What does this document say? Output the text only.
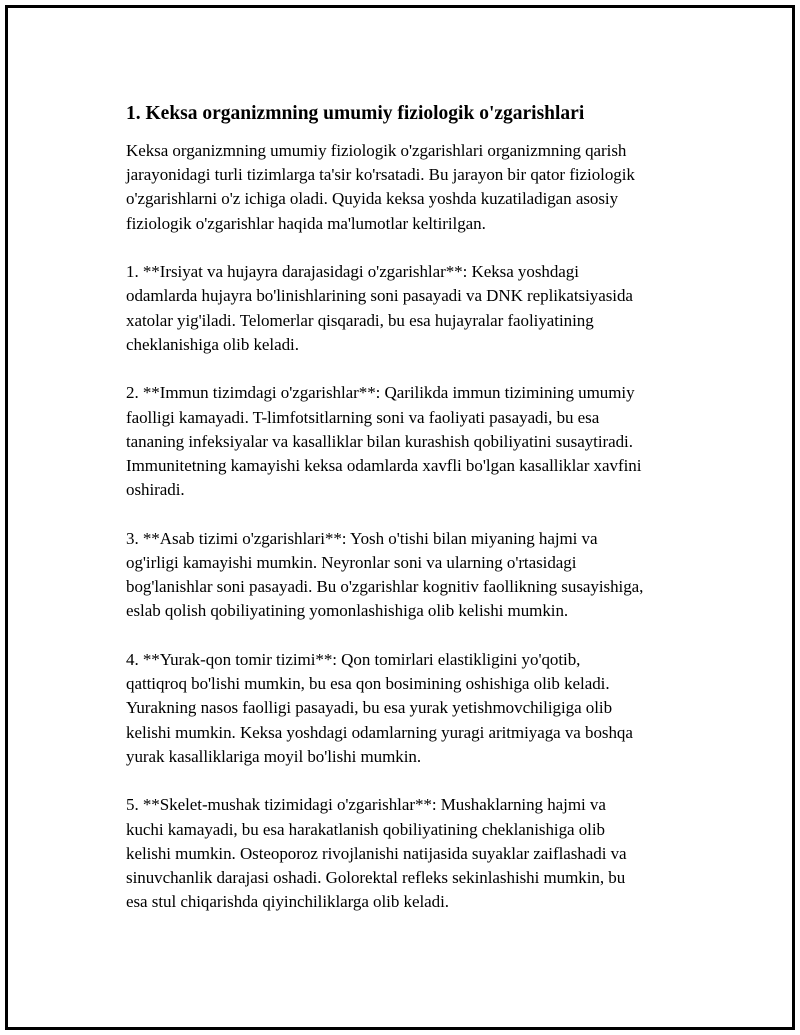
1. Keksa organizmning umumiy fiziologik o'zgarishlari
Keksa organizmning umumiy fiziologik o'zgarishlari organizmning qarish
jarayonidagi turli tizimlarga ta'sir ko'rsatadi. Bu jarayon bir qator fiziologik
o'zgarishlarni o'z ichiga oladi. Quyida keksa yoshda kuzatiladigan asosiy
fiziologik o'zgarishlar haqida ma'lumotlar keltirilgan.
1. **Irsiyat va hujayra darajasidagi o'zgarishlar**: Keksa yoshdagi
odamlarda hujayra bo'linishlarining soni pasayadi va DNK replikatsiyasida
xatolar yig'iladi. Telomerlar qisqaradi, bu esa hujayralar faoliyatining
cheklanishiga olib keladi.
2. **Immun tizimdagi o'zgarishlar**: Qarilikda immun tizimining umumiy
faolligi kamayadi. T-limfotsitlarning soni va faoliyati pasayadi, bu esa
tananing infeksiyalar va kasalliklar bilan kurashish qobiliyatini susaytiradi.
Immunitetning kamayishi keksa odamlarda xavfli bo'lgan kasalliklar xavfini
oshiradi.
3. **Asab tizimi o'zgarishlari**: Yosh o'tishi bilan miyaning hajmi va
og'irligi kamayishi mumkin. Neyronlar soni va ularning o'rtasidagi
bog'lanishlar soni pasayadi. Bu o'zgarishlar kognitiv faollikning susayishiga,
eslab qolish qobiliyatining yomonlashishiga olib kelishi mumkin.
4. **Yurak-qon tomir tizimi**: Qon tomirlari elastikligini yo'qotib,
qattiqroq bo'lishi mumkin, bu esa qon bosimining oshishiga olib keladi.
Yurakning nasos faolligi pasayadi, bu esa yurak yetishmovchiligiga olib
kelishi mumkin. Keksa yoshdagi odamlarning yuragi aritmiyaga va boshqa
yurak kasalliklariga moyil bo'lishi mumkin.
5. **Skelet-mushak tizimidagi o'zgarishlar**: Mushaklarning hajmi va
kuchi kamayadi, bu esa harakatlanish qobiliyatining cheklanishiga olib
kelishi mumkin. Osteoporoz rivojlanishi natijasida suyaklar zaiflashadi va
sinuvchanlik darajasi oshadi. Golorektal refleks sekinlashishi mumkin, bu
esa stul chiqarishda qiyinchiliklarga olib keladi.
